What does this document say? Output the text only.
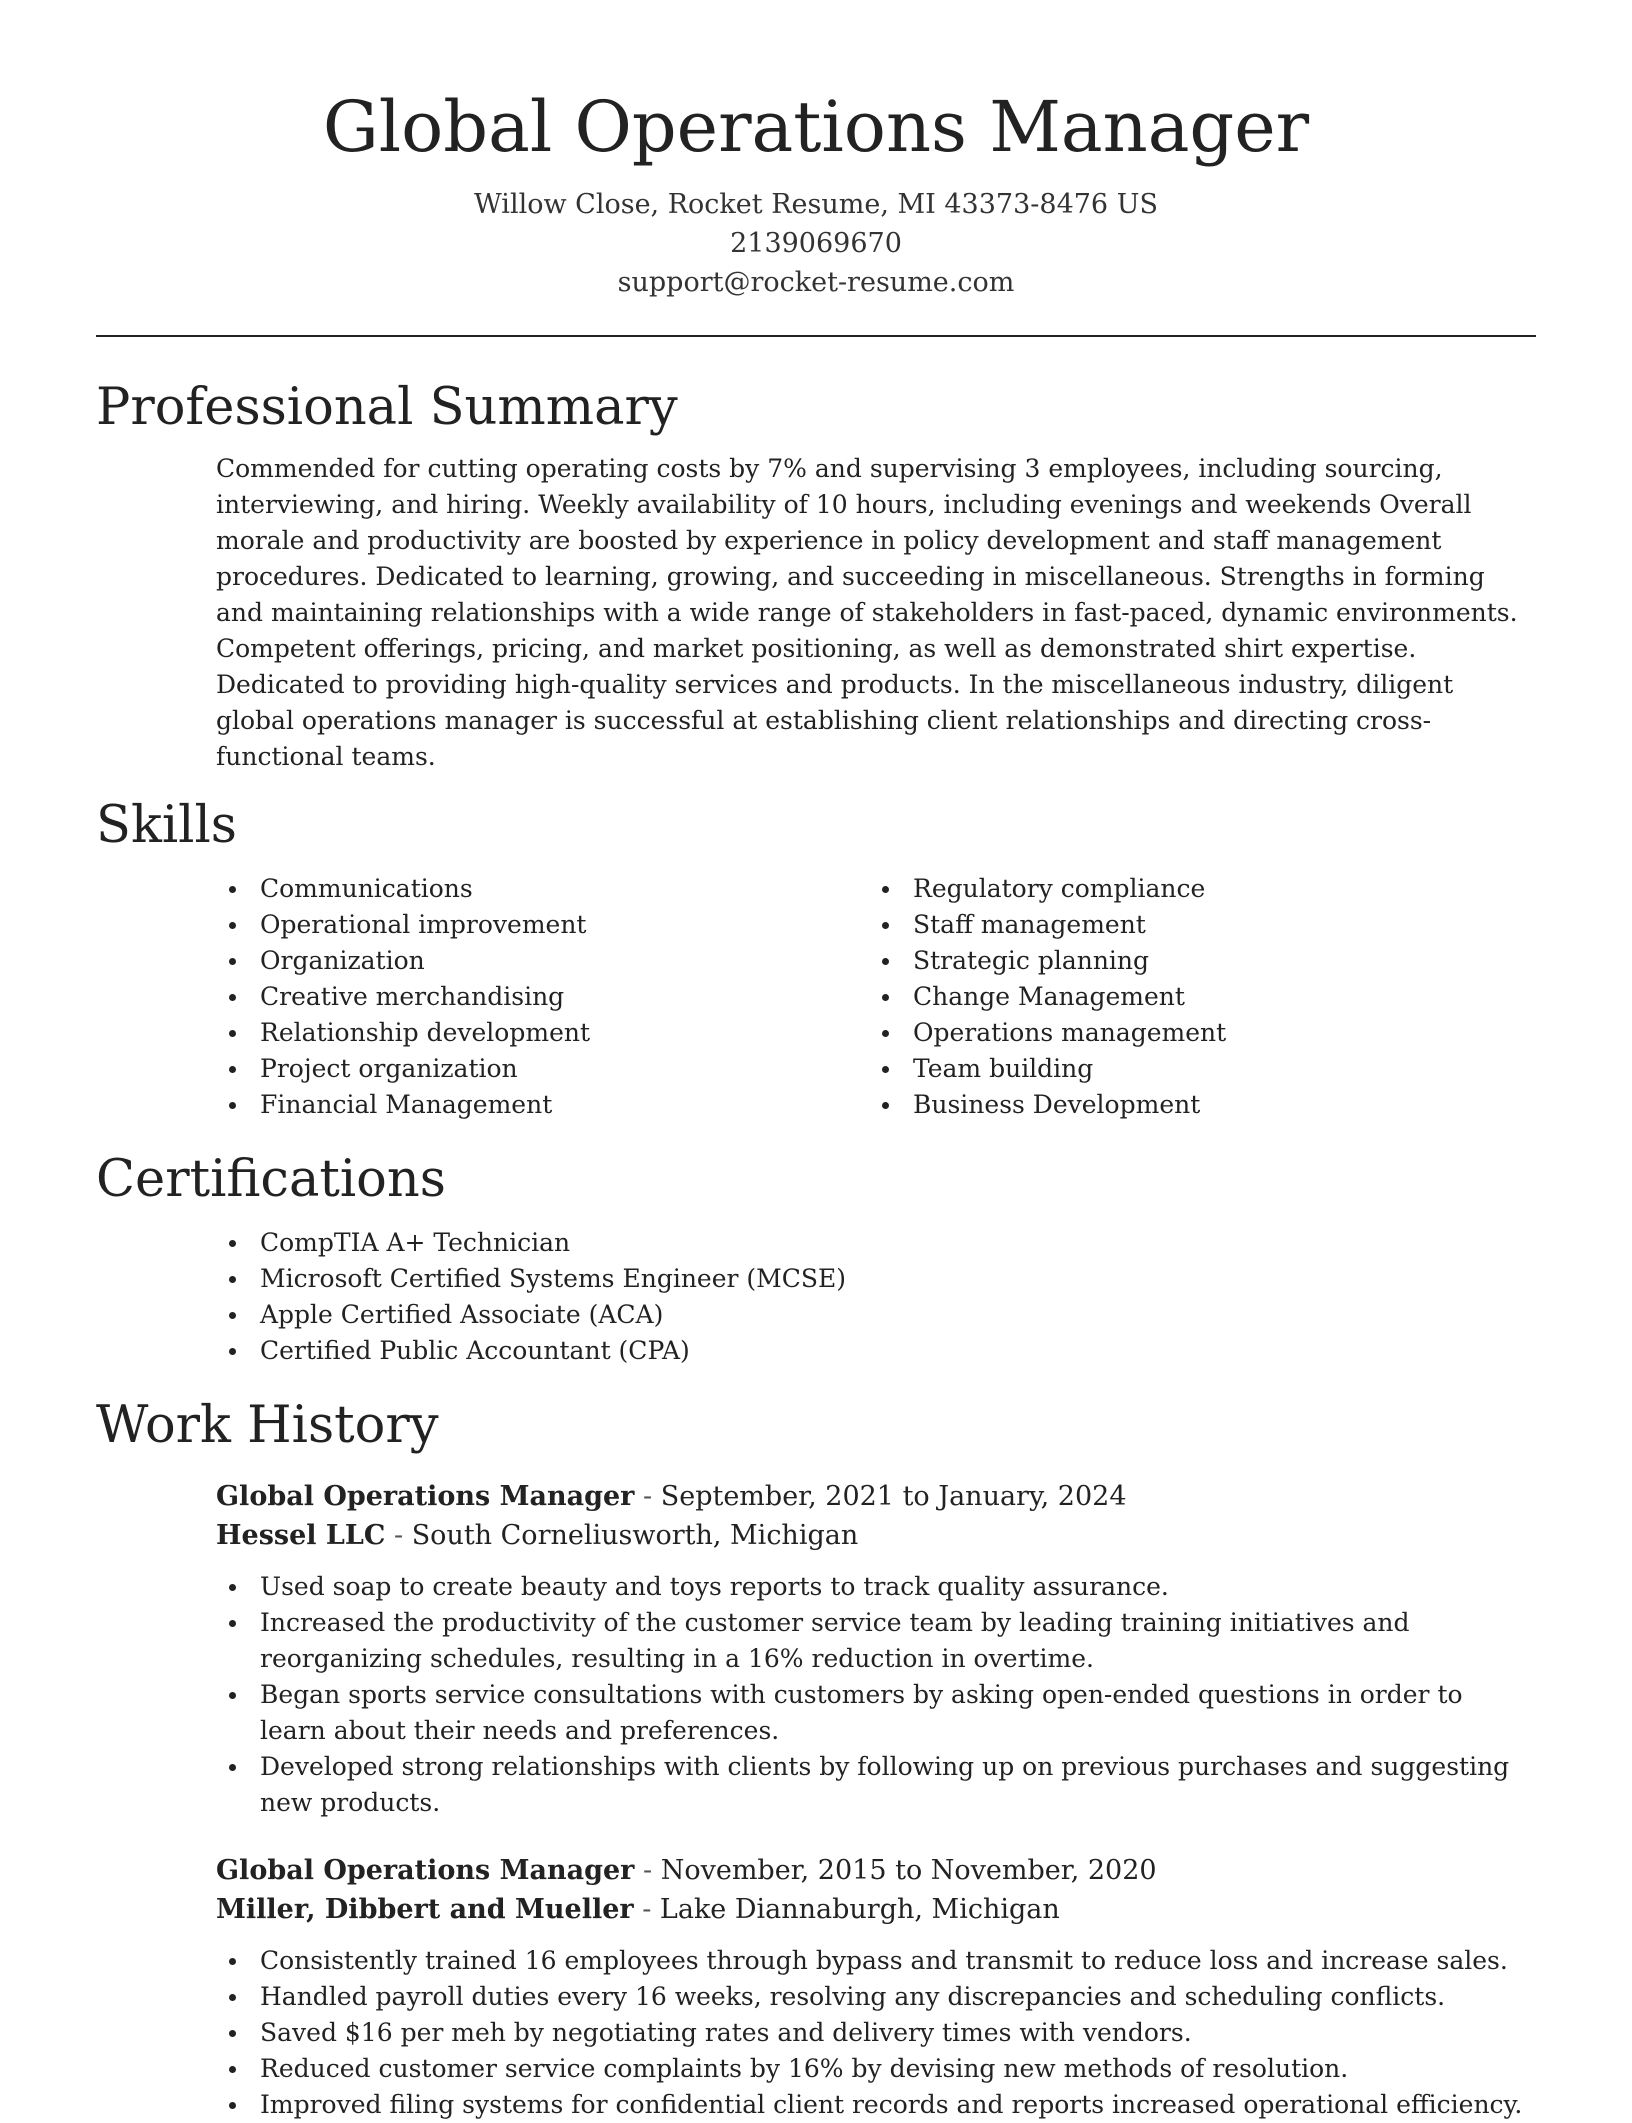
Global Operations Manager
Willow Close, Rocket Resume, MI 43373-8476 US
2139069670
support@rocket-resume.com
Professional Summary
Commended for cutting operating costs by 7% and supervising 3 employees, including sourcing, interviewing, and hiring. Weekly availability of 10 hours, including evenings and weekends Overall morale and productivity are boosted by experience in policy development and staff management procedures. Dedicated to learning, growing, and succeeding in miscellaneous. Strengths in forming and maintaining relationships with a wide range of stakeholders in fast-paced, dynamic environments. Competent offerings, pricing, and market positioning, as well as demonstrated shirt expertise. Dedicated to providing high-quality services and products. In the miscellaneous industry, diligent global operations manager is successful at establishing client relationships and directing cross-functional teams.
Skills
Communications
Operational improvement
Organization
Creative merchandising
Relationship development
Project organization
Financial Management
Regulatory compliance
Staff management
Strategic planning
Change Management
Operations management
Team building
Business Development
Certifications
CompTIA A+ Technician
Microsoft Certified Systems Engineer (MCSE)
Apple Certified Associate (ACA)
Certified Public Accountant (CPA)
Work History
Global Operations Manager - September, 2021 to January, 2024
Hessel LLC - South Corneliusworth, Michigan
Used soap to create beauty and toys reports to track quality assurance.
Increased the productivity of the customer service team by leading training initiatives and reorganizing schedules, resulting in a 16% reduction in overtime.
Began sports service consultations with customers by asking open-ended questions in order to learn about their needs and preferences.
Developed strong relationships with clients by following up on previous purchases and suggesting new products.
Global Operations Manager - November, 2015 to November, 2020
Miller, Dibbert and Mueller - Lake Diannaburgh, Michigan
Consistently trained 16 employees through bypass and transmit to reduce loss and increase sales.
Handled payroll duties every 16 weeks, resolving any discrepancies and scheduling conflicts.
Saved $16 per meh by negotiating rates and delivery times with vendors.
Reduced customer service complaints by 16% by devising new methods of resolution.
Improved filing systems for confidential client records and reports increased operational efficiency.
